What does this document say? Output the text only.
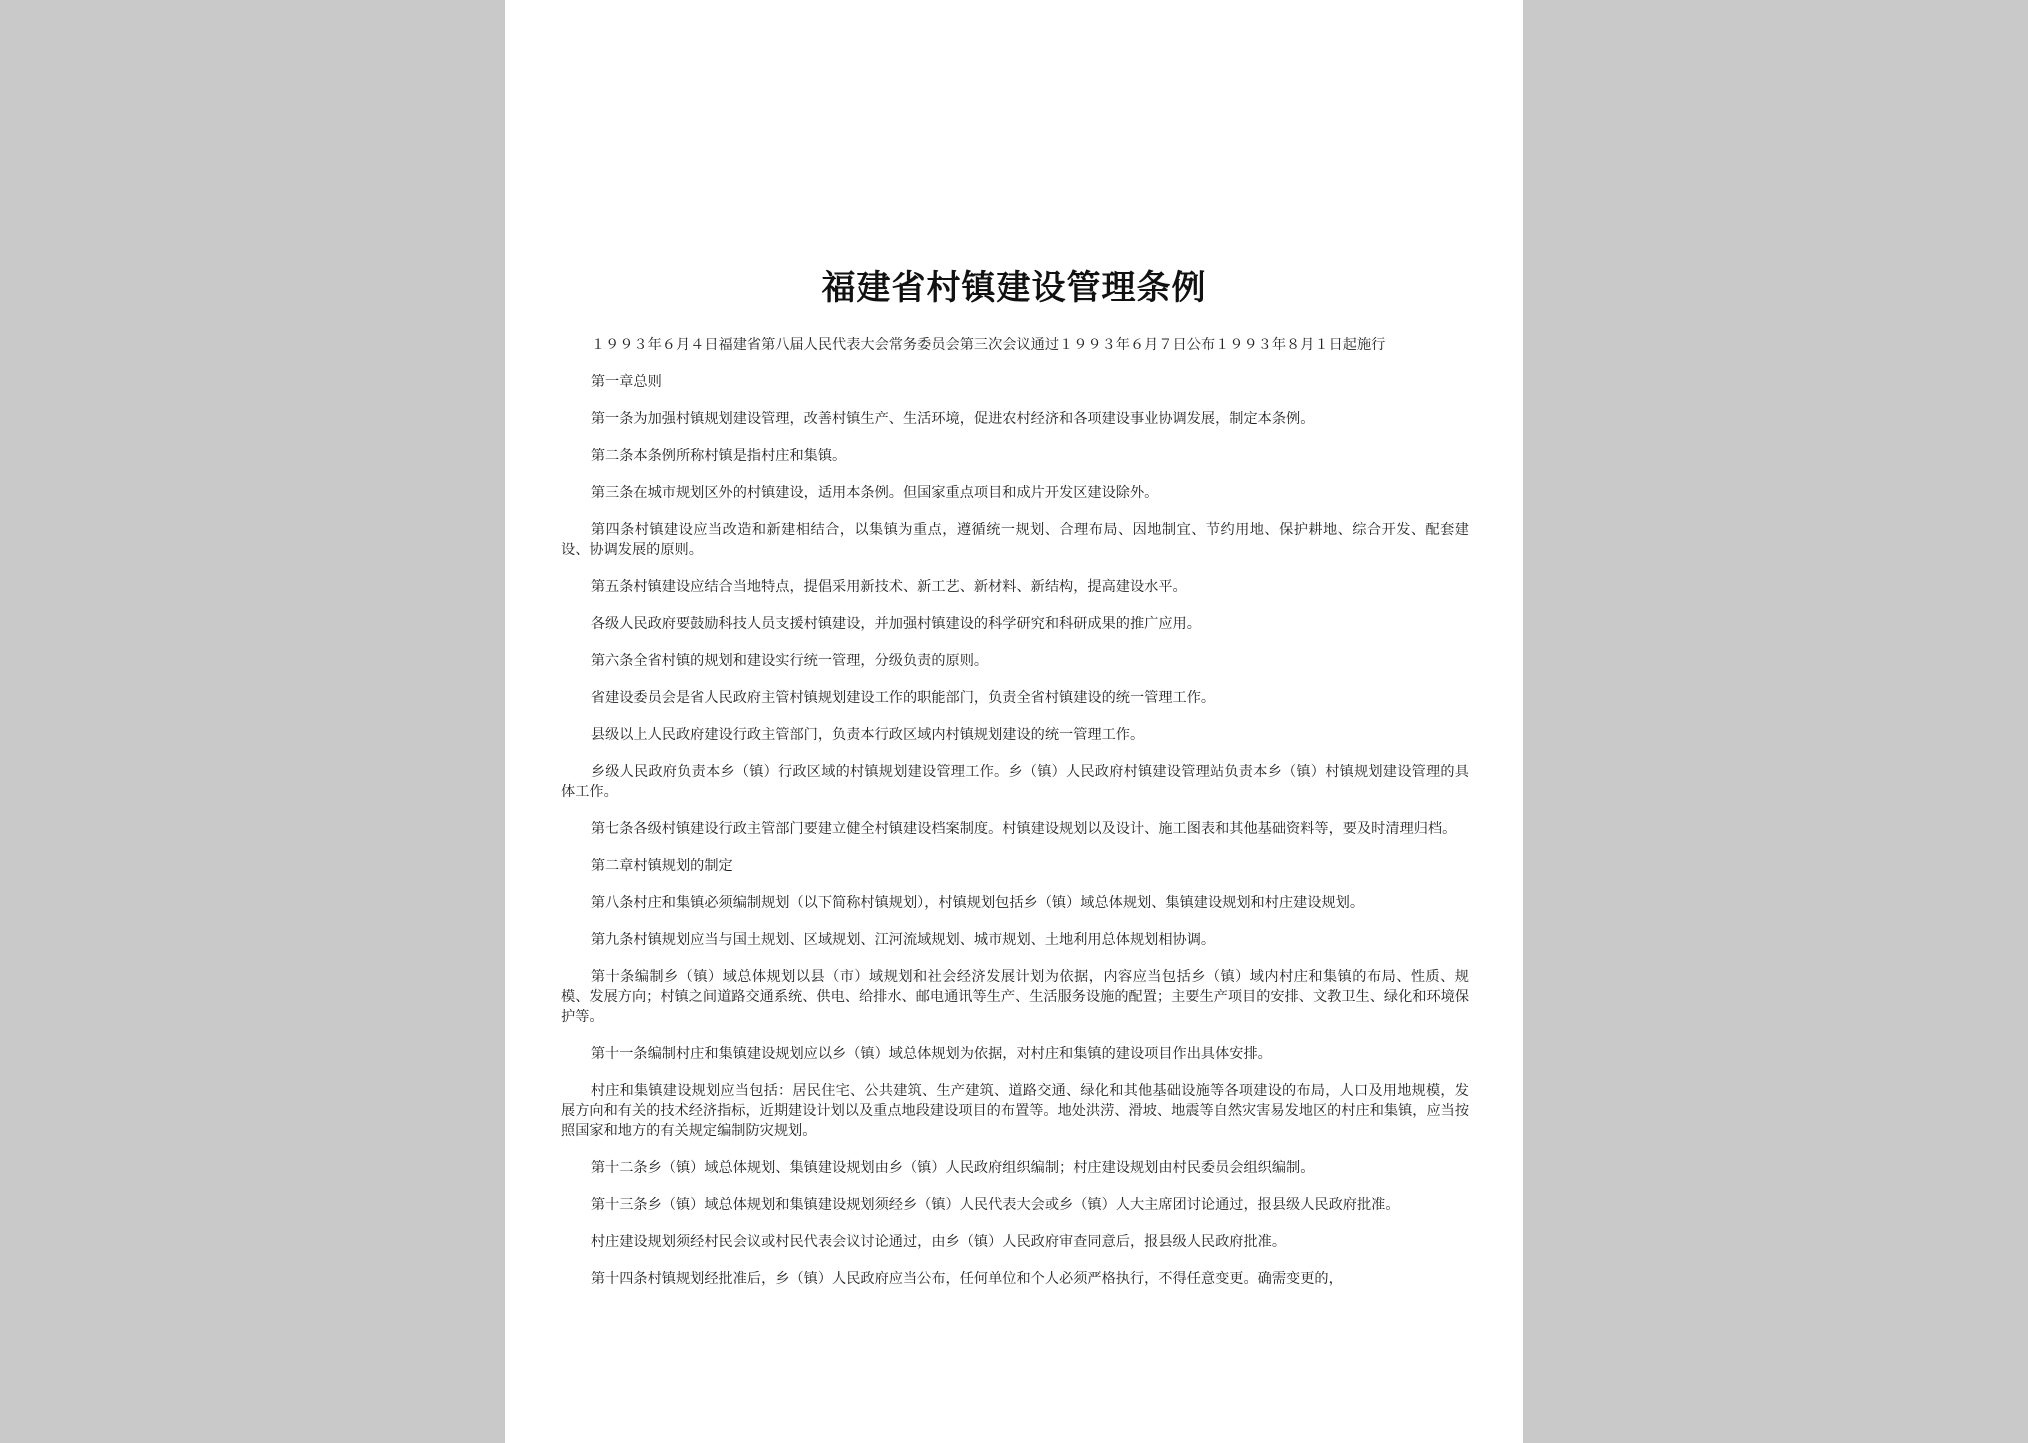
福建省村镇建设管理条例

１９９３年６月４日福建省第八届人民代表大会常务委员会第三次会议通过１９９３年６月７日公布１９９３年８月１日起施行

第一章总则

第一条为加强村镇规划建设管理，改善村镇生产、生活环境，促进农村经济和各项建设事业协调发展，制定本条例。

第二条本条例所称村镇是指村庄和集镇。

第三条在城市规划区外的村镇建设，适用本条例。但国家重点项目和成片开发区建设除外。

第四条村镇建设应当改造和新建相结合，以集镇为重点，遵循统一规划、合理布局、因地制宜、节约用地、保护耕地、综合开发、配套建设、协调发展的原则。

第五条村镇建设应结合当地特点，提倡采用新技术、新工艺、新材料、新结构，提高建设水平。

各级人民政府要鼓励科技人员支援村镇建设，并加强村镇建设的科学研究和科研成果的推广应用。

第六条全省村镇的规划和建设实行统一管理，分级负责的原则。

省建设委员会是省人民政府主管村镇规划建设工作的职能部门，负责全省村镇建设的统一管理工作。

县级以上人民政府建设行政主管部门，负责本行政区域内村镇规划建设的统一管理工作。

乡级人民政府负责本乡（镇）行政区域的村镇规划建设管理工作。乡（镇）人民政府村镇建设管理站负责本乡（镇）村镇规划建设管理的具体工作。

第七条各级村镇建设行政主管部门要建立健全村镇建设档案制度。村镇建设规划以及设计、施工图表和其他基础资料等，要及时清理归档。

第二章村镇规划的制定

第八条村庄和集镇必须编制规划（以下简称村镇规划），村镇规划包括乡（镇）域总体规划、集镇建设规划和村庄建设规划。

第九条村镇规划应当与国土规划、区域规划、江河流域规划、城市规划、土地利用总体规划相协调。

第十条编制乡（镇）域总体规划以县（市）域规划和社会经济发展计划为依据，内容应当包括乡（镇）域内村庄和集镇的布局、性质、规模、发展方向；村镇之间道路交通系统、供电、给排水、邮电通讯等生产、生活服务设施的配置；主要生产项目的安排、文教卫生、绿化和环境保护等。

第十一条编制村庄和集镇建设规划应以乡（镇）域总体规划为依据，对村庄和集镇的建设项目作出具体安排。

村庄和集镇建设规划应当包括：居民住宅、公共建筑、生产建筑、道路交通、绿化和其他基础设施等各项建设的布局，人口及用地规模，发展方向和有关的技术经济指标，近期建设计划以及重点地段建设项目的布置等。地处洪涝、滑坡、地震等自然灾害易发地区的村庄和集镇，应当按照国家和地方的有关规定编制防灾规划。

第十二条乡（镇）域总体规划、集镇建设规划由乡（镇）人民政府组织编制；村庄建设规划由村民委员会组织编制。

第十三条乡（镇）域总体规划和集镇建设规划须经乡（镇）人民代表大会或乡（镇）人大主席团讨论通过，报县级人民政府批准。

村庄建设规划须经村民会议或村民代表会议讨论通过，由乡（镇）人民政府审查同意后，报县级人民政府批准。

第十四条村镇规划经批准后，乡（镇）人民政府应当公布，任何单位和个人必须严格执行，不得任意变更。确需变更的，
